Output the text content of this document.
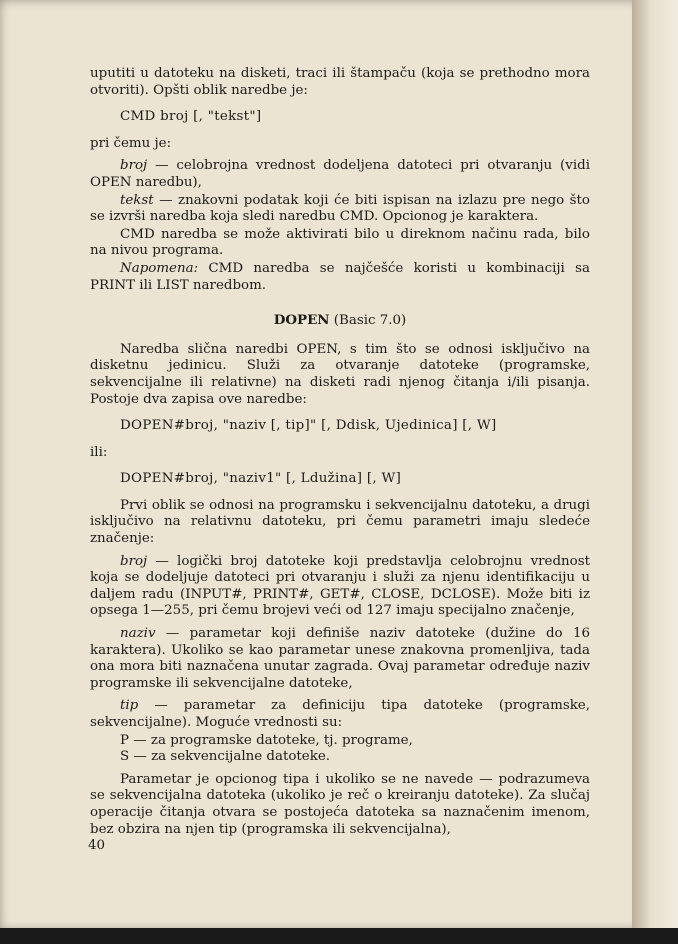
uputiti u datoteku na disketi, traci ili štampaču (koja se prethodno mora otvoriti). Opšti oblik naredbe je:

CMD broj [, "tekst"]

pri čemu je:

broj — celobrojna vrednost dodeljena datoteci pri otvaranju (vidi OPEN naredbu),

tekst — znakovni podatak koji će biti ispisan na izlazu pre nego što se izvrši naredba koja sledi naredbu CMD. Opcionog je karaktera.

CMD naredba se može aktivirati bilo u direknom načinu rada, bilo na nivou programa.

Napomena: CMD naredba se najčešće koristi u kombinaciji sa PRINT ili LIST naredbom.

DOPEN (Basic 7.0)

Naredba slična naredbi OPEN, s tim što se odnosi isključivo na disketnu jedinicu. Služi za otvaranje datoteke (programske, sekvencijalne ili relativne) na disketi radi njenog čitanja i/ili pisanja. Postoje dva zapisa ove naredbe:

DOPEN#broj, "naziv [, tip]" [, Ddisk, Ujedinica] [, W]

ili:

DOPEN#broj, "naziv1" [, Ldužina] [, W]

Prvi oblik se odnosi na programsku i sekvencijalnu datoteku, a drugi isključivo na relativnu datoteku, pri čemu parametri imaju sledeće značenje:

broj — logički broj datoteke koji predstavlja celobrojnu vrednost koja se dodeljuje datoteci pri otvaranju i služi za njenu identifikaciju u daljem radu (INPUT#, PRINT#, GET#, CLOSE, DCLOSE). Može biti iz opsega 1—255, pri čemu brojevi veći od 127 imaju specijalno značenje,

naziv — parametar koji definiše naziv datoteke (dužine do 16 karaktera). Ukoliko se kao parametar unese znakovna promenljiva, tada ona mora biti naznačena unutar zagrada. Ovaj parametar određuje naziv programske ili sekvencijalne datoteke,

tip — parametar za definiciju tipa datoteke (programske, sekvencijalne). Moguće vrednosti su:

P — za programske datoteke, tj. programe,

S — za sekvencijalne datoteke.

Parametar je opcionog tipa i ukoliko se ne navede — podrazumeva se sekvencijalna datoteka (ukoliko je reč o kreiranju datoteke). Za slučaj operacije čitanja otvara se postojeća datoteka sa naznačenim imenom, bez obzira na njen tip (programska ili sekvencijalna),

40
